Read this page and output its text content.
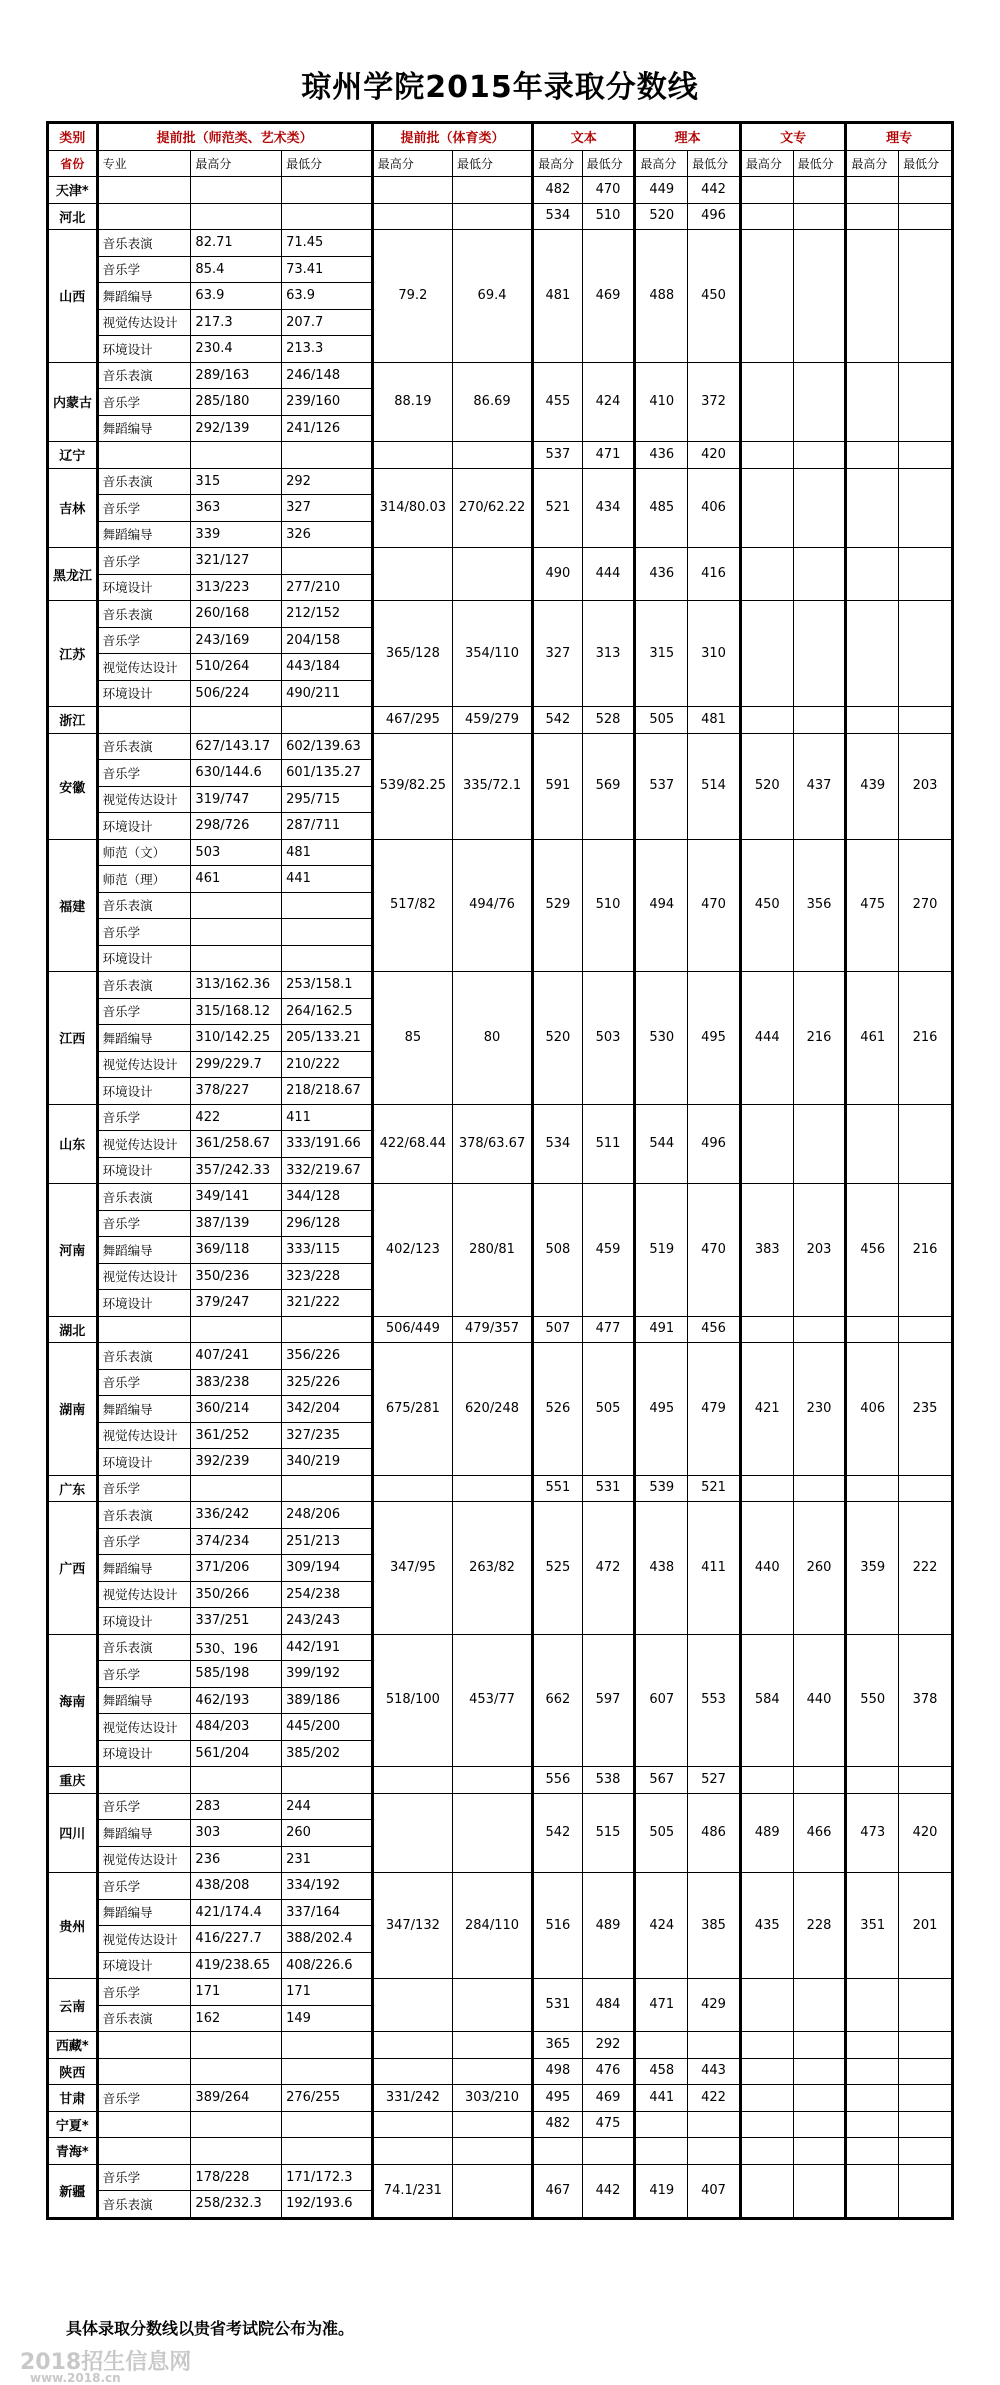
琼州学院2015年录取分数线
类别	提前批（师范类、艺术类）			提前批（体育类）		文本		理本		文专		理专	
省份	专业	最高分	最低分	最高分	最低分	最高分	最低分	最高分	最低分	最高分	最低分	最高分	最低分
天津*						482	470	449	442				
河北						534	510	520	496				
山西	音乐表演	82.71	71.45	79.2	69.4	481	469	488	450				
	音乐学	85.4	73.41										
	舞蹈编导	63.9	63.9										
	视觉传达设计	217.3	207.7										
	环境设计	230.4	213.3										
内蒙古	音乐表演	289/163	246/148	88.19	86.69	455	424	410	372				
	音乐学	285/180	239/160										
	舞蹈编导	292/139	241/126										
辽宁						537	471	436	420				
吉林	音乐表演	315	292	314/80.03	270/62.22	521	434	485	406				
	音乐学	363	327										
	舞蹈编导	339	326										
黑龙江	音乐学	321/127				490	444	436	416				
	环境设计	313/223	277/210										
江苏	音乐表演	260/168	212/152	365/128	354/110	327	313	315	310				
	音乐学	243/169	204/158										
	视觉传达设计	510/264	443/184										
	环境设计	506/224	490/211										
浙江				467/295	459/279	542	528	505	481				
安徽	音乐表演	627/143.17	602/139.63	539/82.25	335/72.1	591	569	537	514	520	437	439	203
	音乐学	630/144.6	601/135.27										
	视觉传达设计	319/747	295/715										
	环境设计	298/726	287/711										
福建	师范（文）	503	481	517/82	494/76	529	510	494	470	450	356	475	270
	师范（理）	461	441										
	音乐表演												
	音乐学												
	环境设计												
江西	音乐表演	313/162.36	253/158.1	85	80	520	503	530	495	444	216	461	216
	音乐学	315/168.12	264/162.5										
	舞蹈编导	310/142.25	205/133.21										
	视觉传达设计	299/229.7	210/222										
	环境设计	378/227	218/218.67										
山东	音乐学	422	411	422/68.44	378/63.67	534	511	544	496				
	视觉传达设计	361/258.67	333/191.66										
	环境设计	357/242.33	332/219.67										
河南	音乐表演	349/141	344/128	402/123	280/81	508	459	519	470	383	203	456	216
	音乐学	387/139	296/128										
	舞蹈编导	369/118	333/115										
	视觉传达设计	350/236	323/228										
	环境设计	379/247	321/222										
湖北				506/449	479/357	507	477	491	456				
湖南	音乐表演	407/241	356/226	675/281	620/248	526	505	495	479	421	230	406	235
	音乐学	383/238	325/226										
	舞蹈编导	360/214	342/204										
	视觉传达设计	361/252	327/235										
	环境设计	392/239	340/219										
广东	音乐学					551	531	539	521				
广西	音乐表演	336/242	248/206	347/95	263/82	525	472	438	411	440	260	359	222
	音乐学	374/234	251/213										
	舞蹈编导	371/206	309/194										
	视觉传达设计	350/266	254/238										
	环境设计	337/251	243/243										
海南	音乐表演	530、196	442/191	518/100	453/77	662	597	607	553	584	440	550	378
	音乐学	585/198	399/192										
	舞蹈编导	462/193	389/186										
	视觉传达设计	484/203	445/200										
	环境设计	561/204	385/202										
重庆						556	538	567	527				
四川	音乐学	283	244			542	515	505	486	489	466	473	420
	舞蹈编导	303	260										
	视觉传达设计	236	231										
贵州	音乐学	438/208	334/192	347/132	284/110	516	489	424	385	435	228	351	201
	舞蹈编导	421/174.4	337/164										
	视觉传达设计	416/227.7	388/202.4										
	环境设计	419/238.65	408/226.6										
云南	音乐学	171	171			531	484	471	429				
	音乐表演	162	149										
西藏*						365	292						
陕西						498	476	458	443				
甘肃	音乐学	389/264	276/255	331/242	303/210	495	469	441	422				
宁夏*						482	475						
青海*													
新疆	音乐学	178/228	171/172.3	74.1/231		467	442	419	407				
	音乐表演	258/232.3	192/193.6										

具体录取分数线以贵省考试院公布为准。

2018招生信息网

www.2018.cn
